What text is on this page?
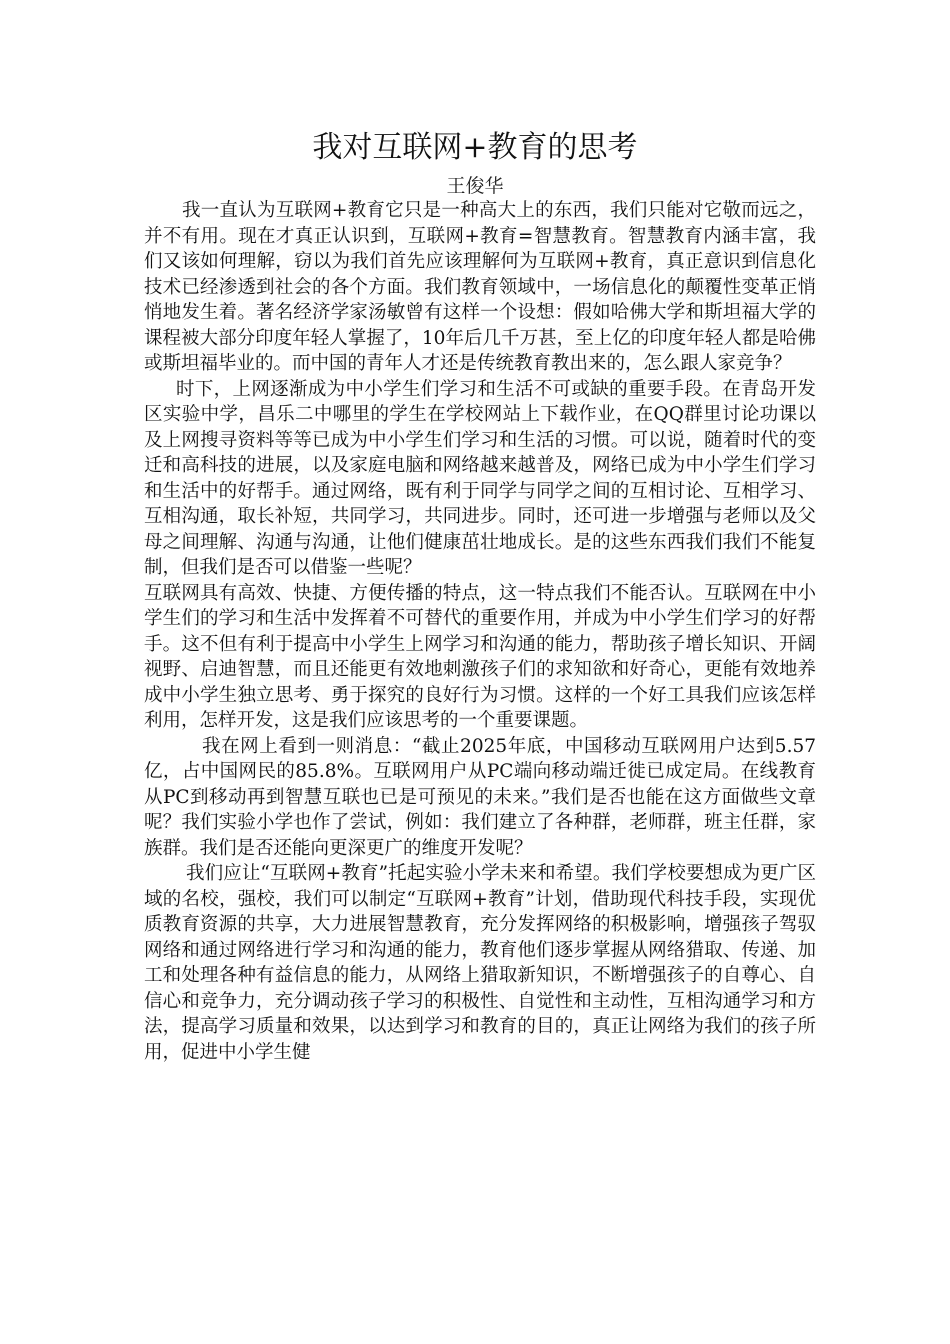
我对互联网+教育的思考
王俊华

我一直认为互联网+教育它只是一种高大上的东西，我们只能对它敬而远之，并不有用。现在才真正认识到，互联网+教育=智慧教育。智慧教育内涵丰富，我们又该如何理解，窃以为我们首先应该理解何为互联网+教育，真正意识到信息化技术已经渗透到社会的各个方面。我们教育领域中，一场信息化的颠覆性变革正悄悄地发生着。著名经济学家汤敏曾有这样一个设想：假如哈佛大学和斯坦福大学的课程被大部分印度年轻人掌握了，10年后几千万甚，至上亿的印度年轻人都是哈佛或斯坦福毕业的。而中国的青年人才还是传统教育教出来的，怎么跟人家竞争？

时下，上网逐渐成为中小学生们学习和生活不可或缺的重要手段。在青岛开发区实验中学，昌乐二中哪里的学生在学校网站上下载作业，在QQ群里讨论功课以及上网搜寻资料等等已成为中小学生们学习和生活的习惯。可以说，随着时代的变迁和高科技的进展，以及家庭电脑和网络越来越普及，网络已成为中小学生们学习和生活中的好帮手。通过网络，既有利于同学与同学之间的互相讨论、互相学习、互相沟通，取长补短，共同学习，共同进步。同时，还可进一步增强与老师以及父母之间理解、沟通与沟通，让他们健康茁壮地成长。是的这些东西我们我们不能复制，但我们是否可以借鉴一些呢？

互联网具有高效、快捷、方便传播的特点，这一特点我们不能否认。互联网在中小学生们的学习和生活中发挥着不可替代的重要作用，并成为中小学生们学习的好帮手。这不但有利于提高中小学生上网学习和沟通的能力，帮助孩子增长知识、开阔视野、启迪智慧，而且还能更有效地刺激孩子们的求知欲和好奇心，更能有效地养成中小学生独立思考、勇于探究的良好行为习惯。这样的一个好工具我们应该怎样利用，怎样开发，这是我们应该思考的一个重要课题。

我在网上看到一则消息：“截止2025年底，中国移动互联网用户达到5.57亿，占中国网民的85.8%。互联网用户从PC端向移动端迁徙已成定局。在线教育从PC到移动再到智慧互联也已是可预见的未来。”我们是否也能在这方面做些文章呢？我们实验小学也作了尝试，例如：我们建立了各种群，老师群，班主任群，家族群。我们是否还能向更深更广的维度开发呢？

我们应让“互联网+教育”托起实验小学未来和希望。我们学校要想成为更广区域的名校，强校，我们可以制定“互联网+教育”计划，借助现代科技手段，实现优质教育资源的共享，大力进展智慧教育，充分发挥网络的积极影响，增强孩子驾驭网络和通过网络进行学习和沟通的能力，教育他们逐步掌握从网络猎取、传递、加工和处理各种有益信息的能力，从网络上猎取新知识，不断增强孩子的自尊心、自信心和竞争力，充分调动孩子学习的积极性、自觉性和主动性，互相沟通学习和方法，提高学习质量和效果，以达到学习和教育的目的，真正让网络为我们的孩子所用，促进中小学生健
